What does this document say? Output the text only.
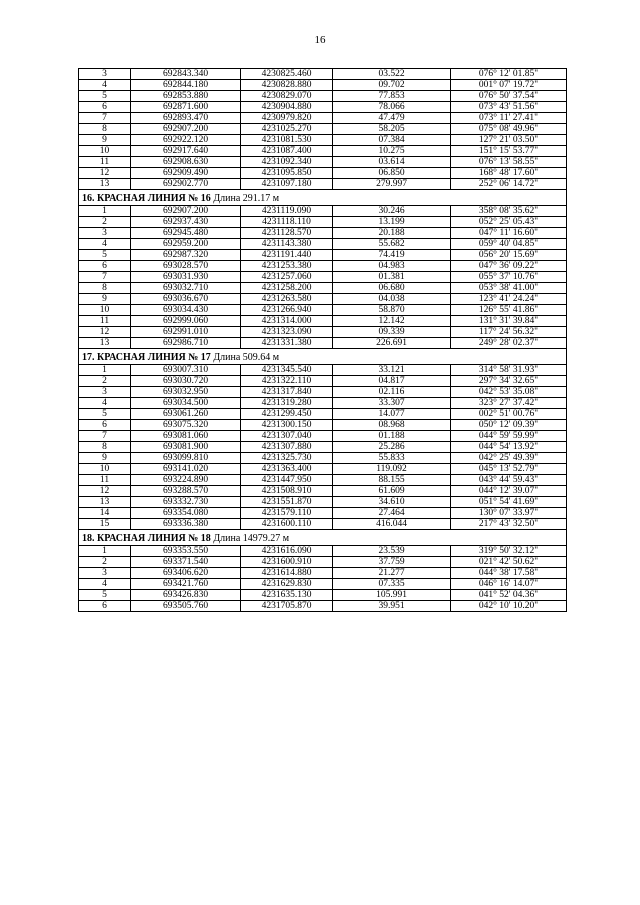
16
3	692843.340	4230825.460	03.522	076° 12' 01.85"
4	692844.180	4230828.880	09.702	001° 07' 19.72"
5	692853.880	4230829.070	77.853	076° 50' 37.54"
6	692871.600	4230904.880	78.066	073° 43' 51.56"
7	692893.470	4230979.820	47.479	073° 11' 27.41"
8	692907.200	4231025.270	58.205	075° 08' 49.96"
9	692922.120	4231081.530	07.384	127° 21' 03.50"
10	692917.640	4231087.400	10.275	151° 15' 53.77"
11	692908.630	4231092.340	03.614	076° 13' 58.55"
12	692909.490	4231095.850	06.850	168° 48' 17.60"
13	692902.770	4231097.180	279.997	252° 06' 14.72"
16. КРАСНАЯ ЛИНИЯ № 16 Длина 291.17 м				
1	692907.200	4231119.090	30.246	358° 08' 35.62"
2	692937.430	4231118.110	13.199	052° 25' 05.43"
3	692945.480	4231128.570	20.188	047° 11' 16.60"
4	692959.200	4231143.380	55.682	059° 40' 04.85"
5	692987.320	4231191.440	74.419	056° 20' 15.69"
6	693028.570	4231253.380	04.983	047° 36' 09.22"
7	693031.930	4231257.060	01.381	055° 37' 10.76"
8	693032.710	4231258.200	06.680	053° 38' 41.00"
9	693036.670	4231263.580	04.038	123° 41' 24.24"
10	693034.430	4231266.940	58.870	126° 55' 41.86"
11	692999.060	4231314.000	12.142	131° 31' 39.84"
12	692991.010	4231323.090	09.339	117° 24' 56.32"
13	692986.710	4231331.380	226.691	249° 28' 02.37"
17. КРАСНАЯ ЛИНИЯ № 17 Длина 509.64 м				
1	693007.310	4231345.540	33.121	314° 58' 31.93"
2	693030.720	4231322.110	04.817	297° 34' 32.65"
3	693032.950	4231317.840	02.116	042° 53' 35.08"
4	693034.500	4231319.280	33.307	323° 27' 37.42"
5	693061.260	4231299.450	14.077	002° 51' 00.76"
6	693075.320	4231300.150	08.968	050° 12' 09.39"
7	693081.060	4231307.040	01.188	044° 59' 59.99"
8	693081.900	4231307.880	25.286	044° 54' 13.92"
9	693099.810	4231325.730	55.833	042° 25' 49.39"
10	693141.020	4231363.400	119.092	045° 13' 52.79"
11	693224.890	4231447.950	88.155	043° 44' 59.43"
12	693288.570	4231508.910	61.609	044° 12' 39.07"
13	693332.730	4231551.870	34.610	051° 54' 41.69"
14	693354.080	4231579.110	27.464	130° 07' 33.97"
15	693336.380	4231600.110	416.044	217° 43' 32.50"
18. КРАСНАЯ ЛИНИЯ № 18 Длина 14979.27 м				
1	693353.550	4231616.090	23.539	319° 50' 32.12"
2	693371.540	4231600.910	37.759	021° 42' 50.62"
3	693406.620	4231614.880	21.277	044° 38' 17.58"
4	693421.760	4231629.830	07.335	046° 16' 14.07"
5	693426.830	4231635.130	105.991	041° 52' 04.36"
6	693505.760	4231705.870	39.951	042° 10' 10.20"
